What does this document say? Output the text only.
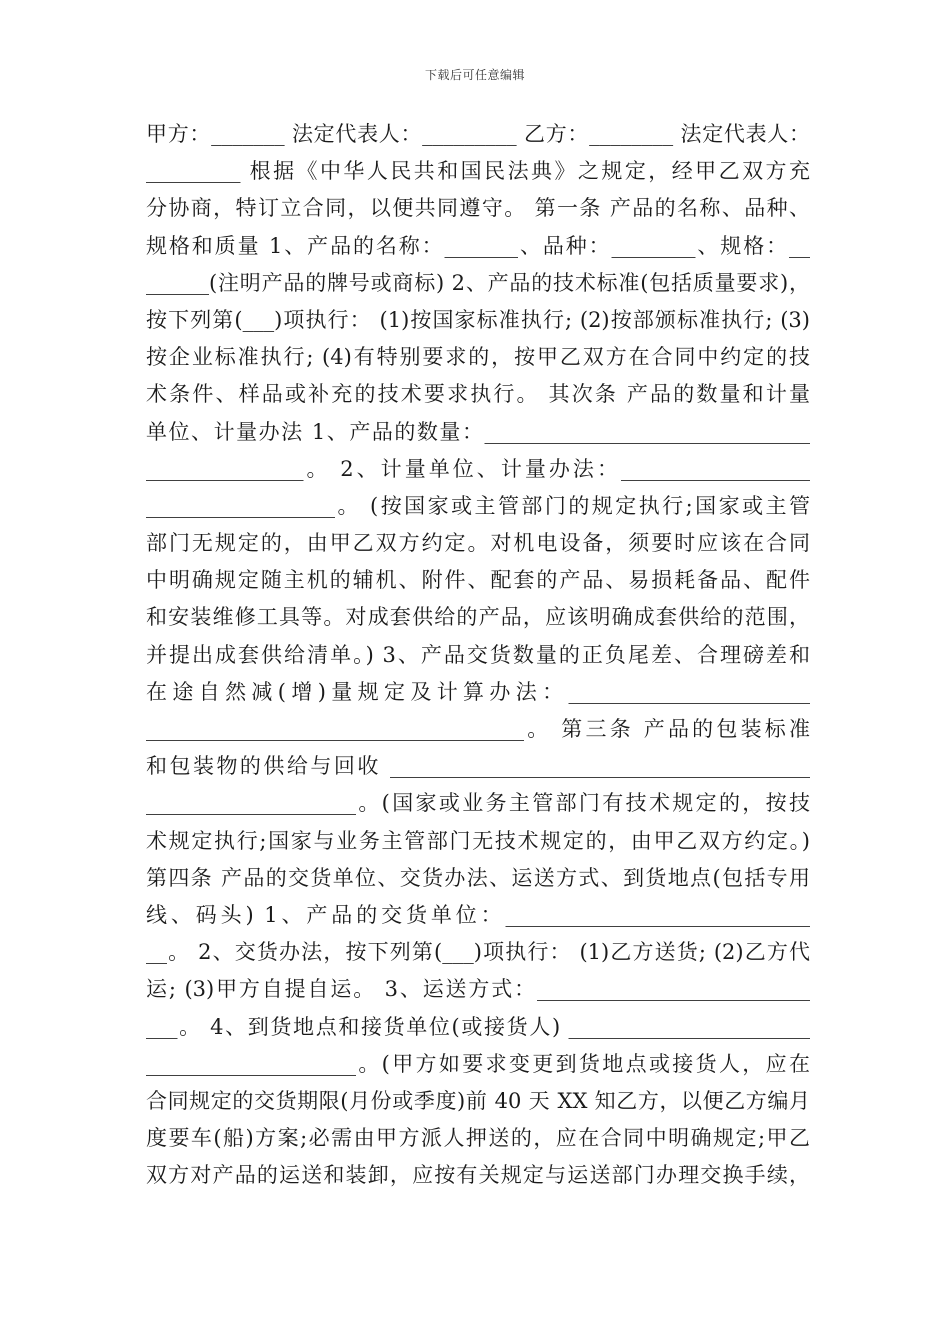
下载后可任意编辑
甲方：_______ 法定代表人：_________ 乙方：________ 法定代表人：
_________ 根据《中华人民共和国民法典》之规定，经甲乙双方充
分协商，特订立合同，以便共同遵守。 第一条 产品的名称、品种、
规格和质量 1、产品的名称：_______、品种：________、规格：__
______(注明产品的牌号或商标) 2、产品的技术标准(包括质量要求)，
按下列第(___)项执行： (1)按国家标准执行; (2)按部颁标准执行; (3)
按企业标准执行; (4)有特别要求的，按甲乙双方在合同中约定的技
术条件、样品或补充的技术要求执行。 其次条 产品的数量和计量
单位、计量办法 1、产品的数量：_______________________________
_______________。 2、计量单位、计量办法：__________________
__________________。 (按国家或主管部门的规定执行;国家或主管
部门无规定的，由甲乙双方约定。对机电设备，须要时应该在合同
中明确规定随主机的辅机、附件、配套的产品、易损耗备品、配件
和安装维修工具等。对成套供给的产品，应该明确成套供给的范围，
并提出成套供给清单。) 3、产品交货数量的正负尾差、合理磅差和
在途自然减(增)量规定及计算办法：_______________________
____________________________________。 第三条 产品的包装标准
和包装物的供给与回收 ________________________________________
____________________。(国家或业务主管部门有技术规定的，按技
术规定执行;国家与业务主管部门无技术规定的，由甲乙双方约定。)
第四条 产品的交货单位、交货办法、运送方式、到货地点(包括专用
线、码头) 1、产品的交货单位：_____________________________
__。 2、交货办法，按下列第(___)项执行： (1)乙方送货; (2)乙方代
运; (3)甲方自提自运。 3、运送方式：__________________________
___。 4、到货地点和接货单位(或接货人) _______________________
____________________。(甲方如要求变更到货地点或接货人，应在
合同规定的交货期限(月份或季度)前 40 天 XX 知乙方，以便乙方编月
度要车(船)方案;必需由甲方派人押送的，应在合同中明确规定;甲乙
双方对产品的运送和装卸，应按有关规定与运送部门办理交换手续，
